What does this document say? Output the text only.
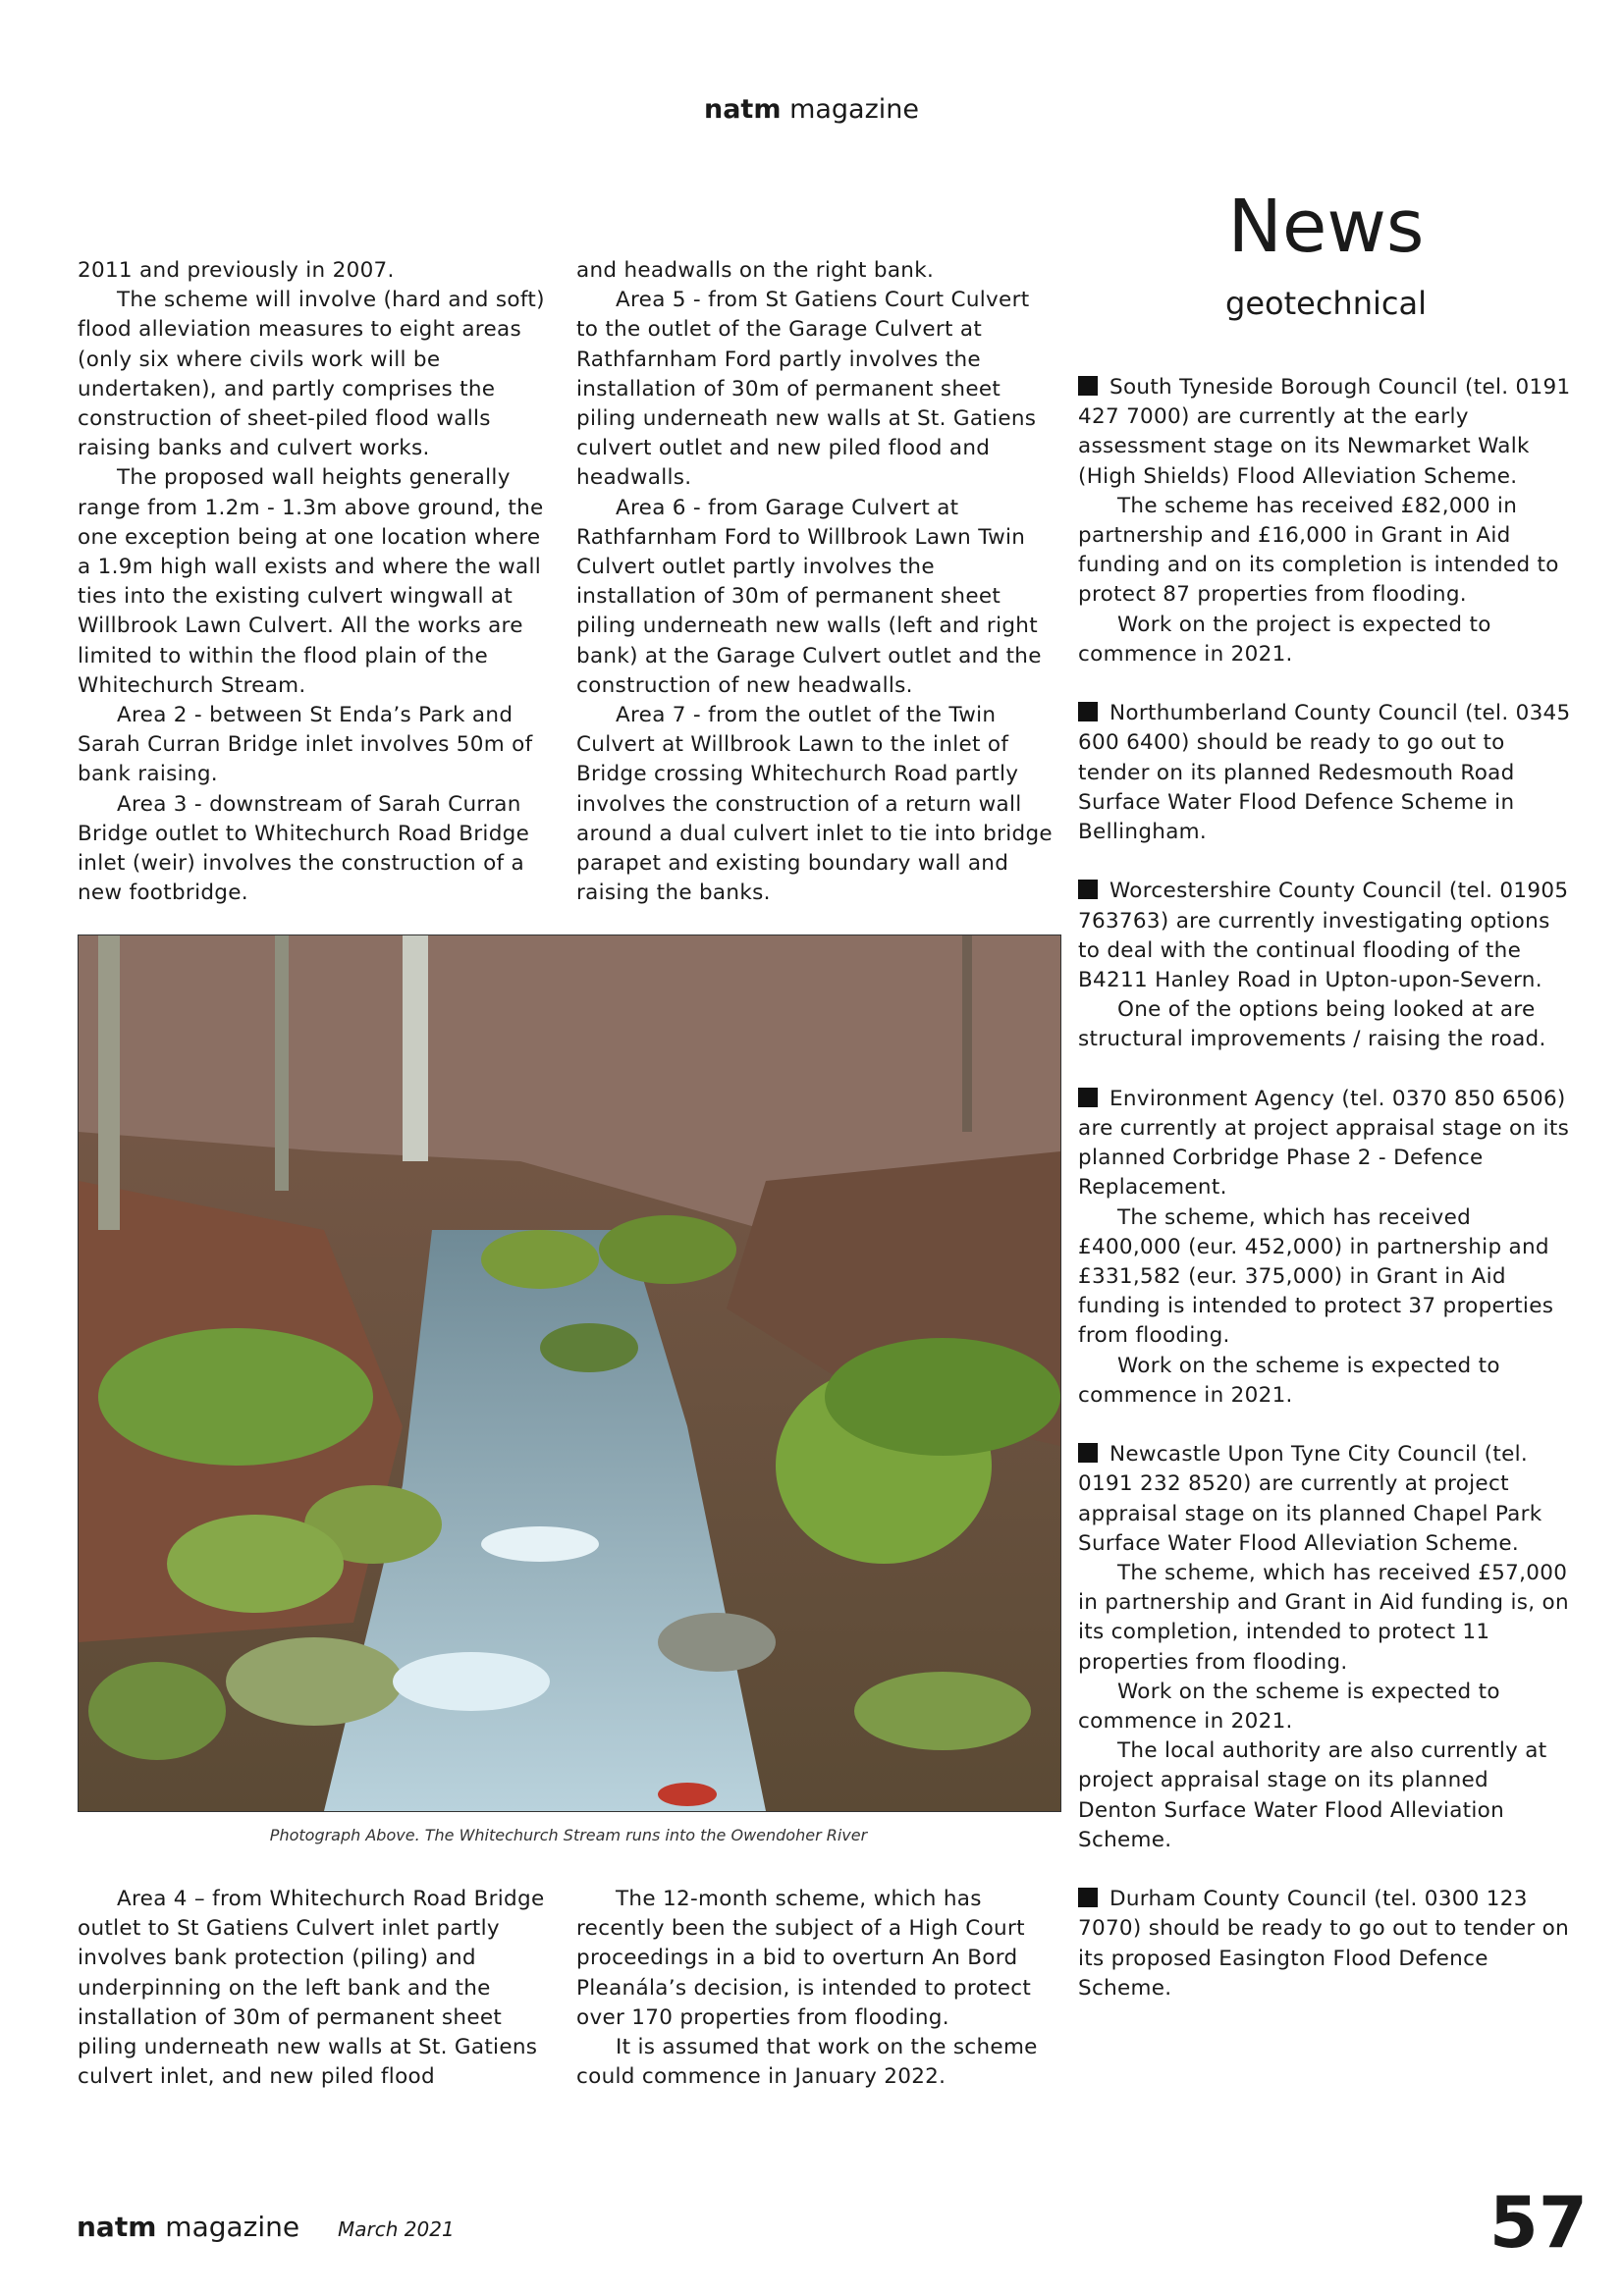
natm magazine
News
geotechnical

2011 and previously in 2007.

The scheme will involve (hard and soft) flood alleviation measures to eight areas (only six where civils work will be undertaken), and partly comprises the construction of sheet-piled flood walls raising banks and culvert works.

The proposed wall heights generally range from 1.2m - 1.3m above ground, the one exception being at one location where a 1.9m high wall exists and where the wall ties into the existing culvert wingwall at Willbrook Lawn Culvert. All the works are limited to within the flood plain of the Whitechurch Stream.

Area 2 - between St Enda’s Park and Sarah Curran Bridge inlet involves 50m of bank raising.

Area 3 - downstream of Sarah Curran Bridge outlet to Whitechurch Road Bridge inlet (weir) involves the construction of a new footbridge.

and headwalls on the right bank.

Area 5 - from St Gatiens Court Culvert to the outlet of the Garage Culvert at Rathfarnham Ford partly involves the installation of 30m of permanent sheet piling underneath new walls at St. Gatiens culvert outlet and new piled flood and headwalls.

Area 6 - from Garage Culvert at Rathfarnham Ford to Willbrook Lawn Twin Culvert outlet partly involves the installation of 30m of permanent sheet piling underneath new walls (left and right bank) at the Garage Culvert outlet and the construction of new headwalls.

Area 7 - from the outlet of the Twin Culvert at Willbrook Lawn to the inlet of Bridge crossing Whitechurch Road partly involves the construction of a return wall around a dual culvert inlet to tie into bridge parapet and existing boundary wall and raising the banks.

Photograph Above. The Whitechurch Stream runs into the Owendoher River

Area 4 – from Whitechurch Road Bridge outlet to St Gatiens Culvert inlet partly involves bank protection (piling) and underpinning on the left bank and the installation of 30m of permanent sheet piling underneath new walls at St. Gatiens culvert inlet, and new piled flood

The 12-month scheme, which has recently been the subject of a High Court proceedings in a bid to overturn An Bord Pleanála’s decision, is intended to protect over 170 properties from flooding.

It is assumed that work on the scheme could commence in January 2022.

South Tyneside Borough Council (tel. 0191 427 7000) are currently at the early assessment stage on its Newmarket Walk (High Shields) Flood Alleviation Scheme.

The scheme has received £82,000 in partnership and £16,000 in Grant in Aid funding and on its completion is intended to protect 87 properties from flooding.

Work on the project is expected to commence in 2021.

Northumberland County Council (tel. 0345 600 6400) should be ready to go out to tender on its planned Redesmouth Road Surface Water Flood Defence Scheme in Bellingham.

Worcestershire County Council (tel. 01905 763763) are currently investigating options to deal with the continual flooding of the B4211 Hanley Road in Upton-upon-Severn.

One of the options being looked at are structural improvements / raising the road.

Environment Agency (tel. 0370 850 6506) are currently at project appraisal stage on its planned Corbridge Phase 2 - Defence Replacement.

The scheme, which has received £400,000 (eur. 452,000) in partnership and £331,582 (eur. 375,000) in Grant in Aid funding is intended to protect 37 properties from flooding.

Work on the scheme is expected to commence in 2021.

Newcastle Upon Tyne City Council (tel. 0191 232 8520) are currently at project appraisal stage on its planned Chapel Park Surface Water Flood Alleviation Scheme.

The scheme, which has received £57,000 in partnership and Grant in Aid funding is, on its completion, intended to protect 11 properties from flooding.

Work on the scheme is expected to commence in 2021.

The local authority are also currently at project appraisal stage on its planned Denton Surface Water Flood Alleviation Scheme.

Durham County Council (tel. 0300 123 7070) should be ready to go out to tender on its proposed Easington Flood Defence Scheme.

natm magazine March 2021	57
